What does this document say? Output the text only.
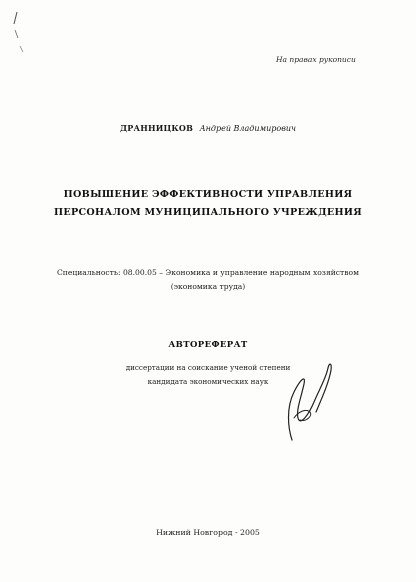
На правах рукописи
ДРАННИЦКОВ Андрей Владимирович
ПОВЫШЕНИЕ ЭФФЕКТИВНОСТИ УПРАВЛЕНИЯ
ПЕРСОНАЛОМ МУНИЦИПАЛЬНОГО УЧРЕЖДЕНИЯ
Специальность: 08.00.05 – Экономика и управление народным хозяйством
(экономика труда)
АВТОРЕФЕРАТ
диссертации на соискание ученой степени
кандидата экономических наук
Нижний Новгород - 2005
